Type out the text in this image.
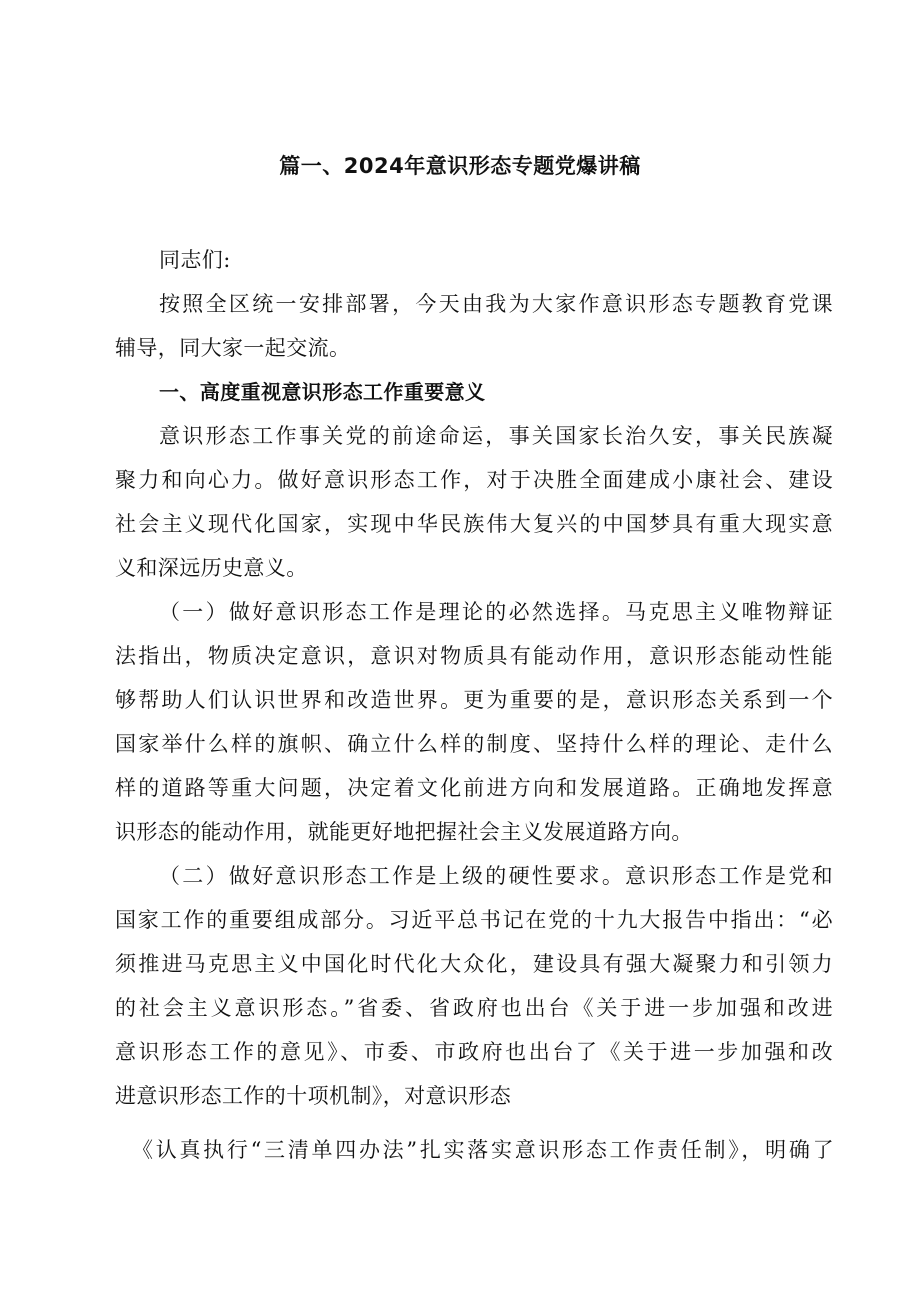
篇一、2024年意识形态专题党爆讲稿
同志们:
按照全区统一安排部署，今天由我为大家作意识形态专题教育党课
辅导，同大家一起交流。
一、高度重视意识形态工作重要意义
意识形态工作事关党的前途命运，事关国家长治久安，事关民族凝
聚力和向心力。做好意识形态工作，对于决胜全面建成小康社会、建设
社会主义现代化国家，实现中华民族伟大复兴的中国梦具有重大现实意
义和深远历史意义。
（一）做好意识形态工作是理论的必然选择。马克思主义唯物辩证
法指出，物质决定意识，意识对物质具有能动作用，意识形态能动性能
够帮助人们认识世界和改造世界。更为重要的是，意识形态关系到一个
国家举什么样的旗帜、确立什么样的制度、坚持什么样的理论、走什么
样的道路等重大问题，决定着文化前进方向和发展道路。正确地发挥意
识形态的能动作用，就能更好地把握社会主义发展道路方向。
（二）做好意识形态工作是上级的硬性要求。意识形态工作是党和
国家工作的重要组成部分。习近平总书记在党的十九大报告中指出：“必
须推进马克思主义中国化时代化大众化，建设具有强大凝聚力和引领力
的社会主义意识形态。”省委、省政府也出台《关于进一步加强和改进
意识形态工作的意见》、市委、市政府也出台了《关于进一步加强和改
进意识形态工作的十项机制》，对意识形态
《认真执行“三清单四办法”扎实落实意识形态工作责任制》，明确了
